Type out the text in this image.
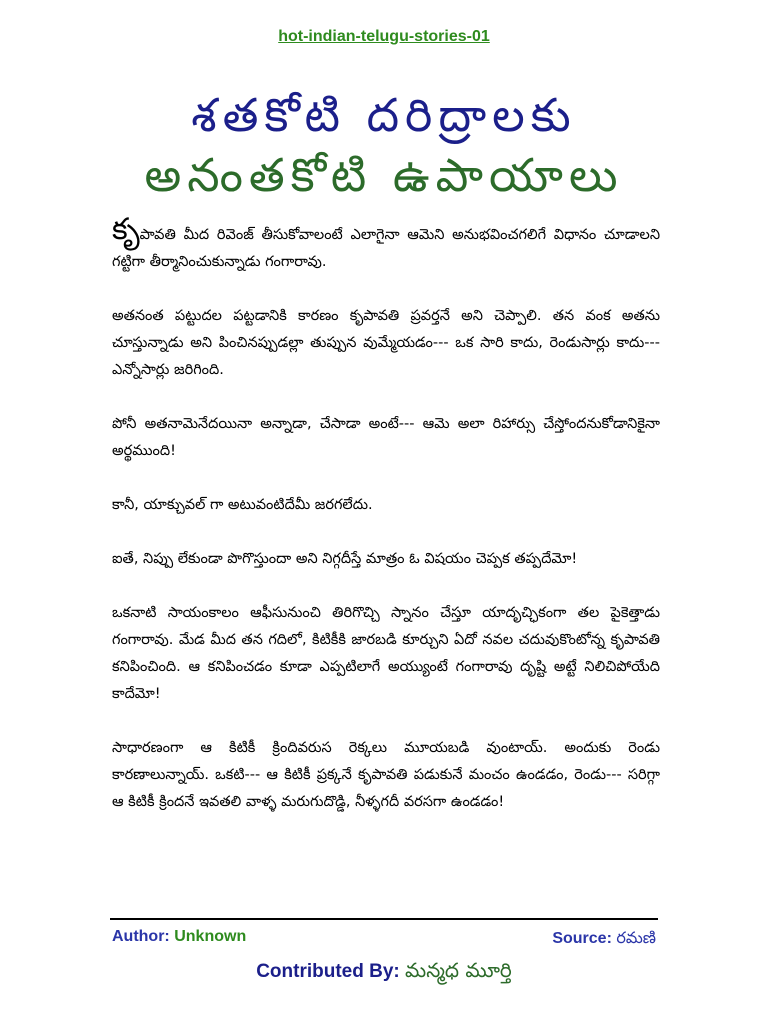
hot-indian-telugu-stories-01
శతకోటి దరిద్రాలకు
అనంతకోటి ఉపాయాలు

కృపావతి మీద రివెంజ్ తీసుకోవాలంటే ఎలాగైనా ఆమెని అనుభవించగలిగే విధానం చూడాలని గట్టిగా తీర్మానించుకున్నాడు గంగారావు.

అతనంత పట్టుదల పట్టడానికి కారణం కృపావతి ప్రవర్తనే అని చెప్పాలి. తన వంక అతను చూస్తున్నాడు అని పించినప్పుడల్లా తుప్పున వుమ్మేయడం--- ఒక సారి కాదు, రెండుసార్లు కాదు--- ఎన్నోసార్లు జరిగింది.

పోనీ అతనామెనేదయినా అన్నాడా, చేసాడా అంటే--- ఆమె అలా రిహార్సు చేస్తోందనుకోడానికైనా అర్థముంది!

కానీ, యాక్చువల్ గా అటువంటిదేమీ జరగలేదు.

ఐతే, నిప్పు లేకుండా పొగొస్తుందా అని నిగ్గదీస్తే మాత్రం ఓ విషయం చెప్పక తప్పదేమో!

ఒకనాటి సాయంకాలం ఆఫీసునుంచి తిరిగొచ్చి స్నానం చేస్తూ యాదృచ్ఛికంగా తల పైకెత్తాడు గంగారావు. మేడ మీద తన గదిలో, కిటికీకి జారబడి కూర్చుని ఏదో నవల చదువుకొంటోన్న కృపావతి కనిపించింది. ఆ కనిపించడం కూడా ఎప్పటిలాగే అయ్యుంటే గంగారావు దృష్టి అట్టే నిలిచిపోయేది కాదేమో!

సాధారణంగా ఆ కిటికీ క్రిందివరుస రెక్కలు మూయబడి వుంటాయ్. అందుకు రెండు కారణాలున్నాయ్. ఒకటి--- ఆ కిటికీ ప్రక్కనే కృపావతి పడుకునే మంచం ఉండడం, రెండు--- సరిగ్గా ఆ కిటికీ క్రిందనే ఇవతలి వాళ్ళ మరుగుదొడ్డి, నీళ్ళగదీ వరసగా ఉండడం!

Author: Unknown	Source: రమణి
Contributed By: మన్మధ మూర్తి
